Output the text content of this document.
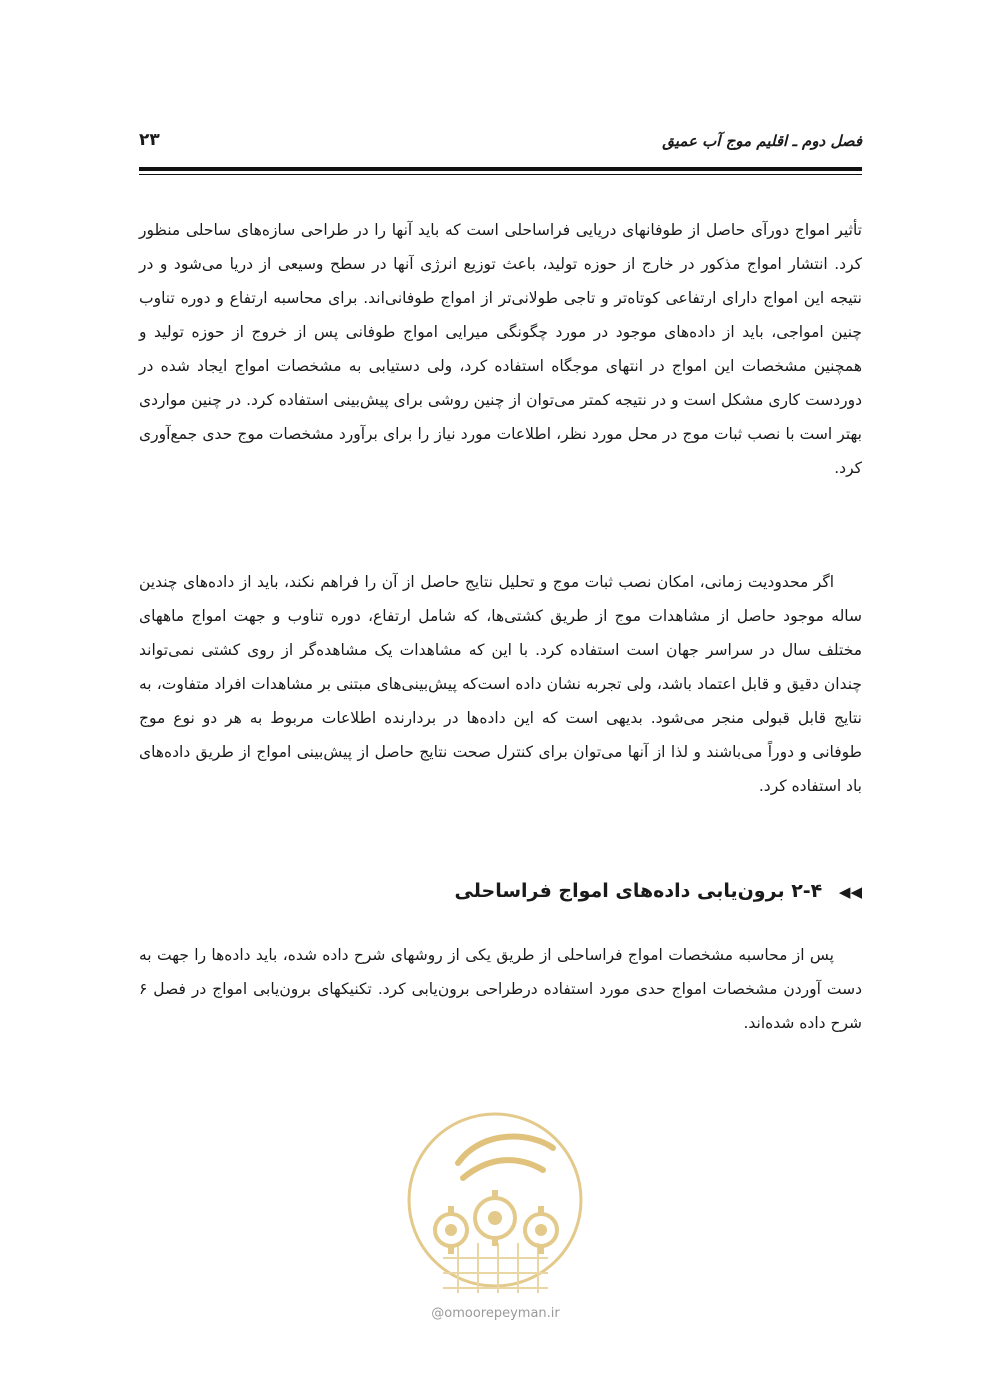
فصل دوم ـ اقلیم موج آب عمیق
۲۳

تأثیر امواج دورآی حاصل از طوفانهای دریایی فراساحلی است که باید آنها را در طراحی سازه‌های ساحلی منظور کرد. انتشار امواج مذکور در خارج از حوزه تولید، باعث توزیع انرژی آنها در سطح وسیعی از دریا می‌شود و در نتیجه این امواج دارای ارتفاعی کوتاه‌تر و تاجی طولانی‌تر از امواج طوفانی‌اند. برای محاسبه ارتفاع و دوره تناوب چنین امواجی، باید از داده‌های موجود در مورد چگونگی میرایی امواج طوفانی پس از خروج از حوزه تولید و همچنین مشخصات این امواج در انتهای موجگاه استفاده کرد، ولی دستیابی به مشخصات امواج ایجاد شده در دوردست کاری مشکل است و در نتیجه کمتر می‌توان از چنین روشی برای پیش‌بینی استفاده کرد. در چنین مواردی بهتر است با نصب ثبات موج در محل مورد نظر، اطلاعات مورد نیاز را برای برآورد مشخصات موج حدی جمع‌آوری کرد.

اگر محدودیت زمانی، امکان نصب ثبات موج و تحلیل نتایج حاصل از آن را فراهم نکند، باید از داده‌های چندین ساله موجود حاصل از مشاهدات موج از طریق کشتی‌ها، که شامل ارتفاع، دوره تناوب و جهت امواج ماههای مختلف سال در سراسر جهان است استفاده کرد. با این که مشاهدات یک مشاهده‌گر از روی کشتی نمی‌تواند چندان دقیق و قابل اعتماد باشد، ولی تجربه نشان داده است‌که پیش‌بینی‌های مبتنی بر مشاهدات افراد متفاوت، به نتایج قابل قبولی منجر می‌شود. بدیهی است که این داده‌ها در بردارنده اطلاعات مربوط به هر دو نوع موج طوفانی و دوراً می‌باشند و لذا از آنها می‌توان برای کنترل صحت نتایج حاصل از پیش‌بینی امواج از طریق داده‌های باد استفاده کرد.

◀◀ ۲-۴ برون‌یابی داده‌های امواج فراساحلی

پس از محاسبه مشخصات امواج فراساحلی از طریق یکی از روشهای شرح داده شده، باید داده‌ها را جهت به دست آوردن مشخصات امواج حدی مورد استفاده درطراحی برون‌یابی کرد. تکنیکهای برون‌یابی امواج در فصل ۶ شرح داده شده‌اند.

@omoorepeyman.ir
